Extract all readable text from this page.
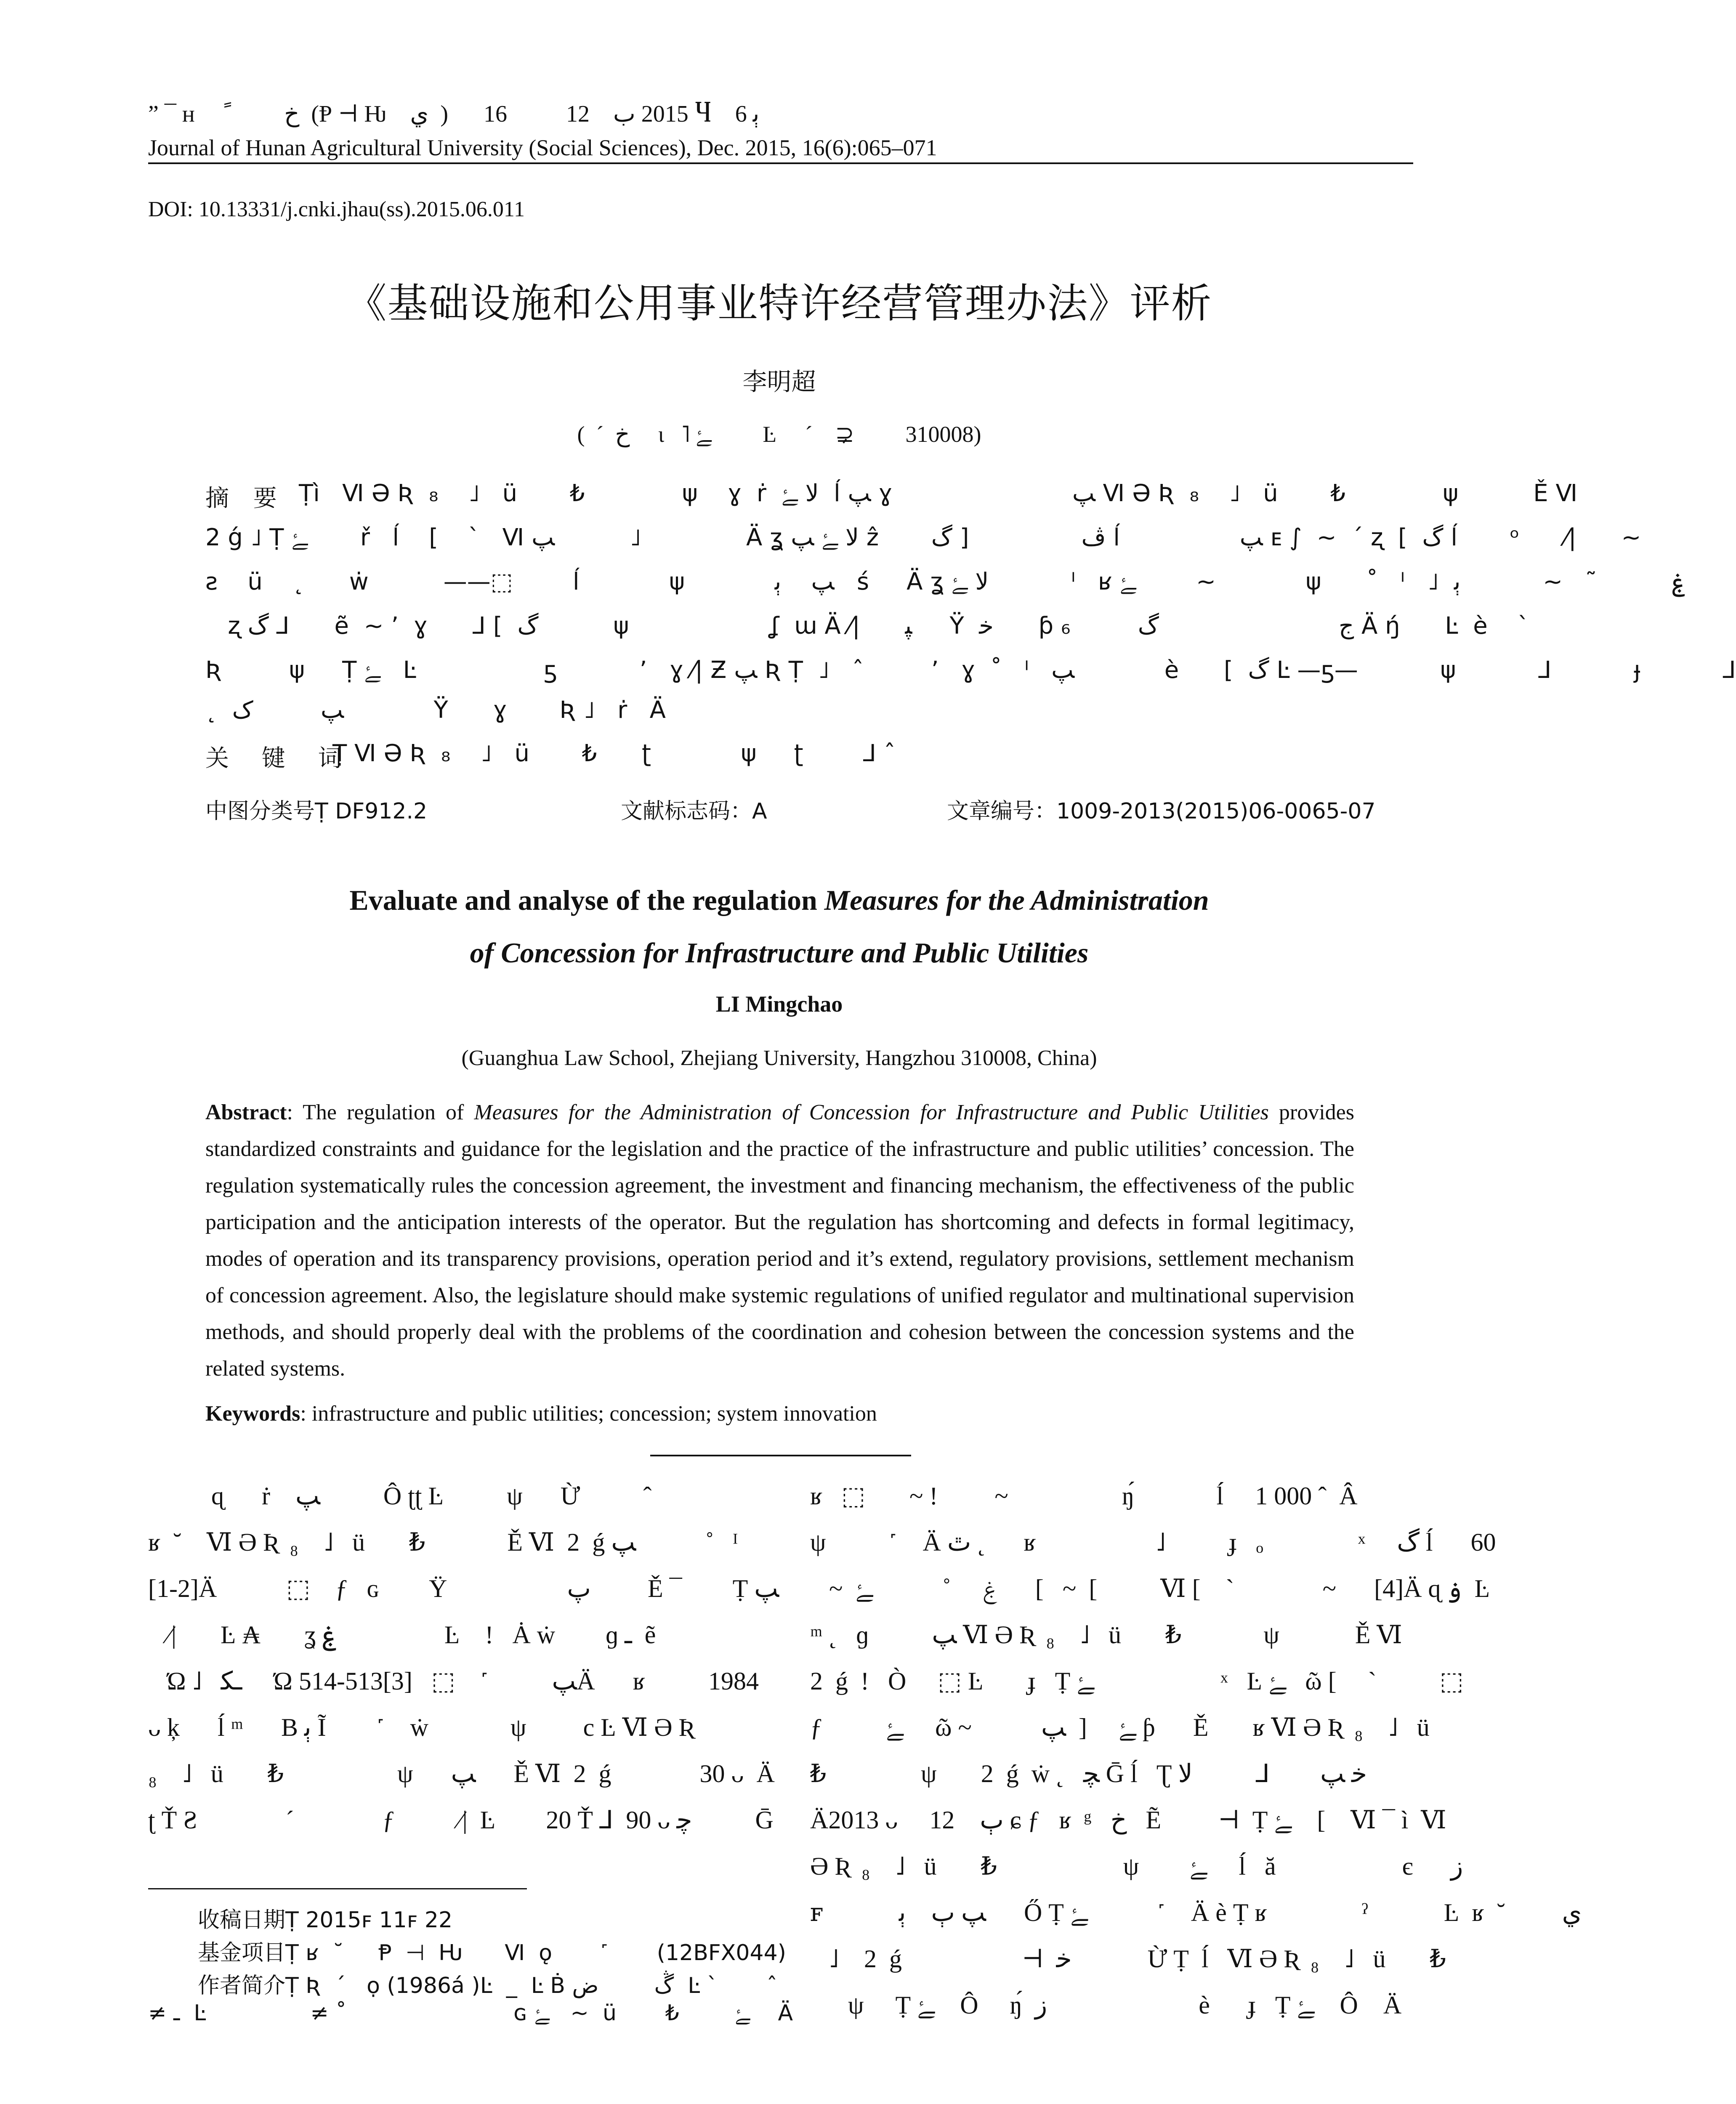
” ¯ ʜ     ﺥ         ﹰ  (Ᵽ ⊣ Ƕ    ي  )      2015 ب    12          16 Ⴗ    6 ﭔ
Journal of Hunan Agricultural University (Social Sciences), Dec. 2015, 16(6):065–071
DOI: 10.13331/j.cnki.jhau(ss).2015.06.011
《基础设施和公用事业特许经营管理办法》评析
李明超
(  ˊ  ﺥ     ɩ   ˥ ﮱ         Ŀ     ˊ    ⊋         310008)
摘 要 Ṭì   Ⅵ Ə Ʀ  ₈    ˩   ü       ₺             ψ    ɣ  ṙ  ﻻ ﮱ  ĺ ﭗ ɣ                        ﭗ Ⅵ Ə Ʀ  ₈    ˩   ü       ₺             ψ          Ě Ⅵ
2 ǵ ˩ Ṭ ﮱ       ř   ĺ    [    ˋ   Ⅵ ﭗ          ˩              Ä ʓ ﻻ ﮱ ﭗ ẑ       ڤ               [ ﮒ ĺ                ﭗ ᴇ ∫  ~  ˊ ʐ  [  ﮒ ĺ       ᵒ      ⁄|      ~
ƨ    ü    ˛      ẇ          ——⬚        ĺ            ψ            ﭗ    ﭔ   ś     Ä ʓ ﻻ ﮱ           ᴵ   ʁ ﮱ        ~            ψ      ˚   ᴵ   ˩  ۼ          ˜   ~           ﭔ
ʐ ﮒ ⅃      ẽ  ~ ’  ɣ      ⅃ [  ﮒ          ψ                   ʆ  ɯ Ä ⁄|      ﭙ     Ÿ  ﺧ      ƥ ₆         ج                        ﮒ Ä ŋ́      Ŀ  è    ˋ
Ʀ         ψ     Ṭ ﮱ   Ŀ                 ƽ           ’   ɣ ⁄| Ƶ ﭗ Ʀ Ṭ  ˩   ˆ         ’   ɣ  ˚   ᴵ   ﭗ            è      [  ﮒ Ŀ —ƽ—           ψ           ⅃           ɟ           ⅃
˛  ﭗ         ک            Ÿ      ɣ       Ʀ ˩   ṙ   Ä
关 键 词
Ṭ Ⅵ Ə Ʀ  ₈    ˩   ü       ₺      ʈ            ψ     ʈ        ⅃ ˆ
中图分类号Ṭ DF912.2	文献标志码：A	文章编号：1009-2013(2015)06-0065-07
Evaluate and analyse of the regulation Measures for the Administration
of Concession for Infrastructure and Public Utilities
LI Mingchao
(Guanghua Law School, Zhejiang University, Hangzhou 310008, China)
Abstract: The regulation of Measures for the Administration of Concession for Infrastructure and Public Utilities provides standardized constraints and guidance for the legislation and the practice of the infrastructure and public utilities’ concession. The regulation systematically rules the concession agreement, the investment and financing mechanism, the effectiveness of the public participation and the anticipation interests of the operator. But the regulation has shortcoming and defects in formal legitimacy, modes of operation and its transparency provisions, operation period and it’s extend, regulatory provisions, settlement mechanism of concession agreement. Also, the legislature should make systemic regulations of unified regulator and multinational supervision methods, and should properly deal with the problems of the coordination and cohesion between the concession systems and the related systems.
Keywords: infrastructure and public utilities; concession; system innovation
ɋ      ṙ    ﭗ          Ô ʈʈ Ŀ          ψ      Ừ          ˆ
ʁ  ˘    Ⅵ Ə Ʀ  ₈    ˩   ü       ₺             Ě Ⅵ  2  ǵ ﭗ           ˚   ᴵ
[1-2]Ä           ⬚    ƒ   ɢ        Ÿ                   ﭖ         Ě ¯        Ṭ ﭗ
⁄|       Ŀ ₳       ʓ ۼ                 Ŀ    !   Ȧ ẇ        ɡ ـ  ẽ
Ώ ˩   ـﮑ     Ώ ﭗ          ˹    ⬚   [3]513-514Ä      ʁ          1984
ᴗ ķ      ĺ ᵐ      B ﭔ Ĩ        ˹    ẇ             ψ         c Ŀ Ⅵ Ə Ʀ
₈    ˩   ü       ₺                  ψ      ﭗ      Ě Ⅵ  2  ǵ              30 ᴗ  Ä
ʈ Ť Ƨ              ˊ              ƒ          ⁄|  Ŀ        20 Ť ⅃  90 ᴗ ﭼ          Ḡ
收稿日期Ṭ 2015ꜰ 11ꜰ 22
基金项目Ṭ ʁ  ˘     Ᵽ  ⊣  Ƕ      Ⅵ  ǫ       ˹       (12BFX044)
作者简介Ṭ Ʀ  ˊ   ọ (1986á )Ŀ  _  Ŀ Ḃ ڴ        ض  Ŀ ˋ       ˆ
≠ ـ  Ŀ               ≠ ˚                        ɢ ﮱ   ~  ü       ₺        ﮱ    Ä
ʁ   ⬚       ~ !         ~                  ŋ́             ĺ     1 000 ˆ  Â
ψ          ˹    Ä ٿ ˛      ʁ                   ˩          ɟ   ₒ               ˣ     ﮒ ĺ      60
~  ۼ     ˚           ﮱ      [   ~  [          Ⅵ [    ˋ              ~      [4]Ä ɋ ۏ  Ŀ
ᵐ ˛   ɡ          ﭗ Ⅵ Ə Ʀ  ₈    ˩   ü       ₺             ψ            Ě Ⅵ
2  ǵ  !   Ò     ⬚ Ŀ       ɟ   Ṭ ﮱ                    ˣ   Ŀ ﮱ   ῶ [     ˋ          ⬚
ƒ          ﮱ     ῶ ~           ﮱ     [  ﭗ ƥ      Ě       ʁ Ⅵ Ə Ʀ  ₈    ˩   ü
₺               ψ       2  ǵ  ẇ ˛   ﭽ Ḡ ĺ   Ʈ ﺧ ﭗ        ⅃          ﻻ
Ä2013 ᴗ     ﭒ    12 ɕ ƒ   ʁ  ᵍ   ﺥ   Ẽ         ⊣  Ṭ ﮱ    [    Ⅵ ¯ ì  Ⅵ
Ə Ʀ  ₈    ˩   ü       ₺                    ψ        ﮱ     ĺ   ă                    є      ز
ꜰ            ﭗ ﭒ    ﭔ      Ő Ṭ ﮱ           ˹    Ä è Ṭ ʁ               ˀ            Ŀ  ʁ  ˘         ي
˩    2  ǵ                   ⊣  ﺧ            Ừ Ṭ  ĺ   Ⅵ Ə Ʀ  ₈    ˩   ü       ₺
ψ     Ṭ ﮱ    Ô     ŋ́  ز                        è      ɟ   Ṭ ﮱ    Ô    Ä
